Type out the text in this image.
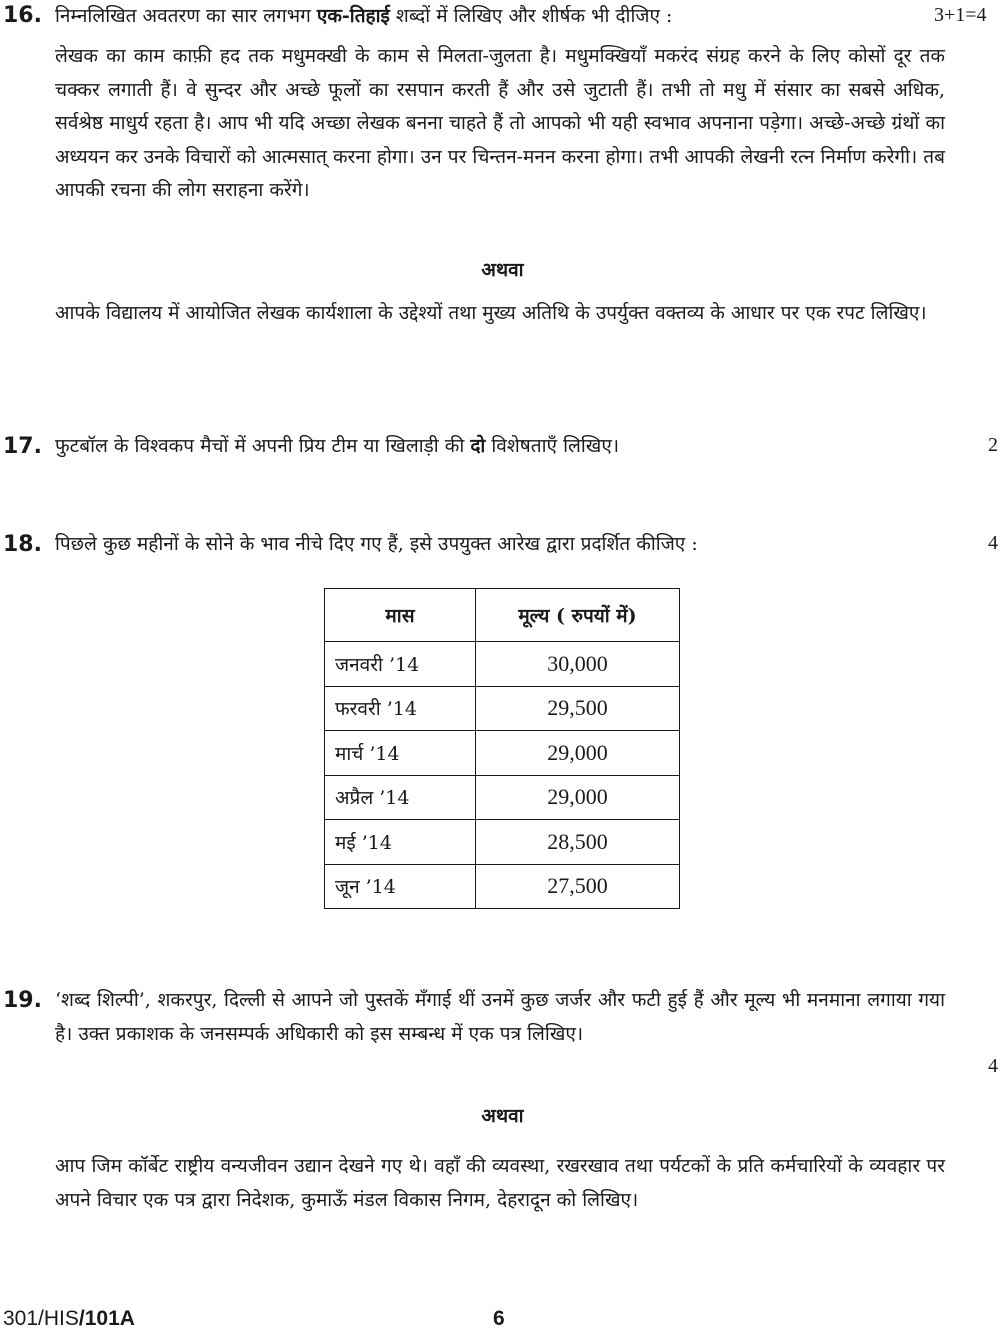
16. निम्नलिखित अवतरण का सार लगभग एक-तिहाई शब्दों में लिखिए और शीर्षक भी दीजिए :	3+1=4
लेखक का काम काफ़ी हद तक मधुमक्खी के काम से मिलता-जुलता है। मधुमक्खियाँ मकरंद संग्रह करने के लिए कोसों दूर तक चक्कर लगाती हैं। वे सुन्दर और अच्छे फूलों का रसपान करती हैं और उसे जुटाती हैं। तभी तो मधु में संसार का सबसे अधिक, सर्वश्रेष्ठ माधुर्य रहता है। आप भी यदि अच्छा लेखक बनना चाहते हैं तो आपको भी यही स्वभाव अपनाना पड़ेगा। अच्छे-अच्छे ग्रंथों का अध्ययन कर उनके विचारों को आत्मसात् करना होगा। उन पर चिन्तन-मनन करना होगा। तभी आपकी लेखनी रत्न निर्माण करेगी। तब आपकी रचना की लोग सराहना करेंगे।
अथवा
आपके विद्यालय में आयोजित लेखक कार्यशाला के उद्देश्यों तथा मुख्य अतिथि के उपर्युक्त वक्तव्य के आधार पर एक रपट लिखिए।
17. फुटबॉल के विश्वकप मैचों में अपनी प्रिय टीम या खिलाड़ी की दो विशेषताएँ लिखिए।	2
18. पिछले कुछ महीनों के सोने के भाव नीचे दिए गए हैं, इसे उपयुक्त आरेख द्वारा प्रदर्शित कीजिए :	4
मास	मूल्य ( रुपयों में)
जनवरी ’14	30,000
फरवरी ’14	29,500
मार्च ’14	29,000
अप्रैल ’14	29,000
मई ’14	28,500
जून ’14	27,500
19. ‘शब्द शिल्पी’, शकरपुर, दिल्ली से आपने जो पुस्तकें मँगाई थीं उनमें कुछ जर्जर और फटी हुई हैं और मूल्य भी मनमाना लगाया गया है। उक्त प्रकाशक के जनसम्पर्क अधिकारी को इस सम्बन्ध में एक पत्र लिखिए।
4
अथवा
आप जिम कॉर्बेट राष्ट्रीय वन्यजीवन उद्यान देखने गए थे। वहाँ की व्यवस्था, रखरखाव तथा पर्यटकों के प्रति कर्मचारियों के व्यवहार पर अपने विचार एक पत्र द्वारा निदेशक, कुमाऊँ मंडल विकास निगम, देहरादून को लिखिए।
301/HIS/101A	6
